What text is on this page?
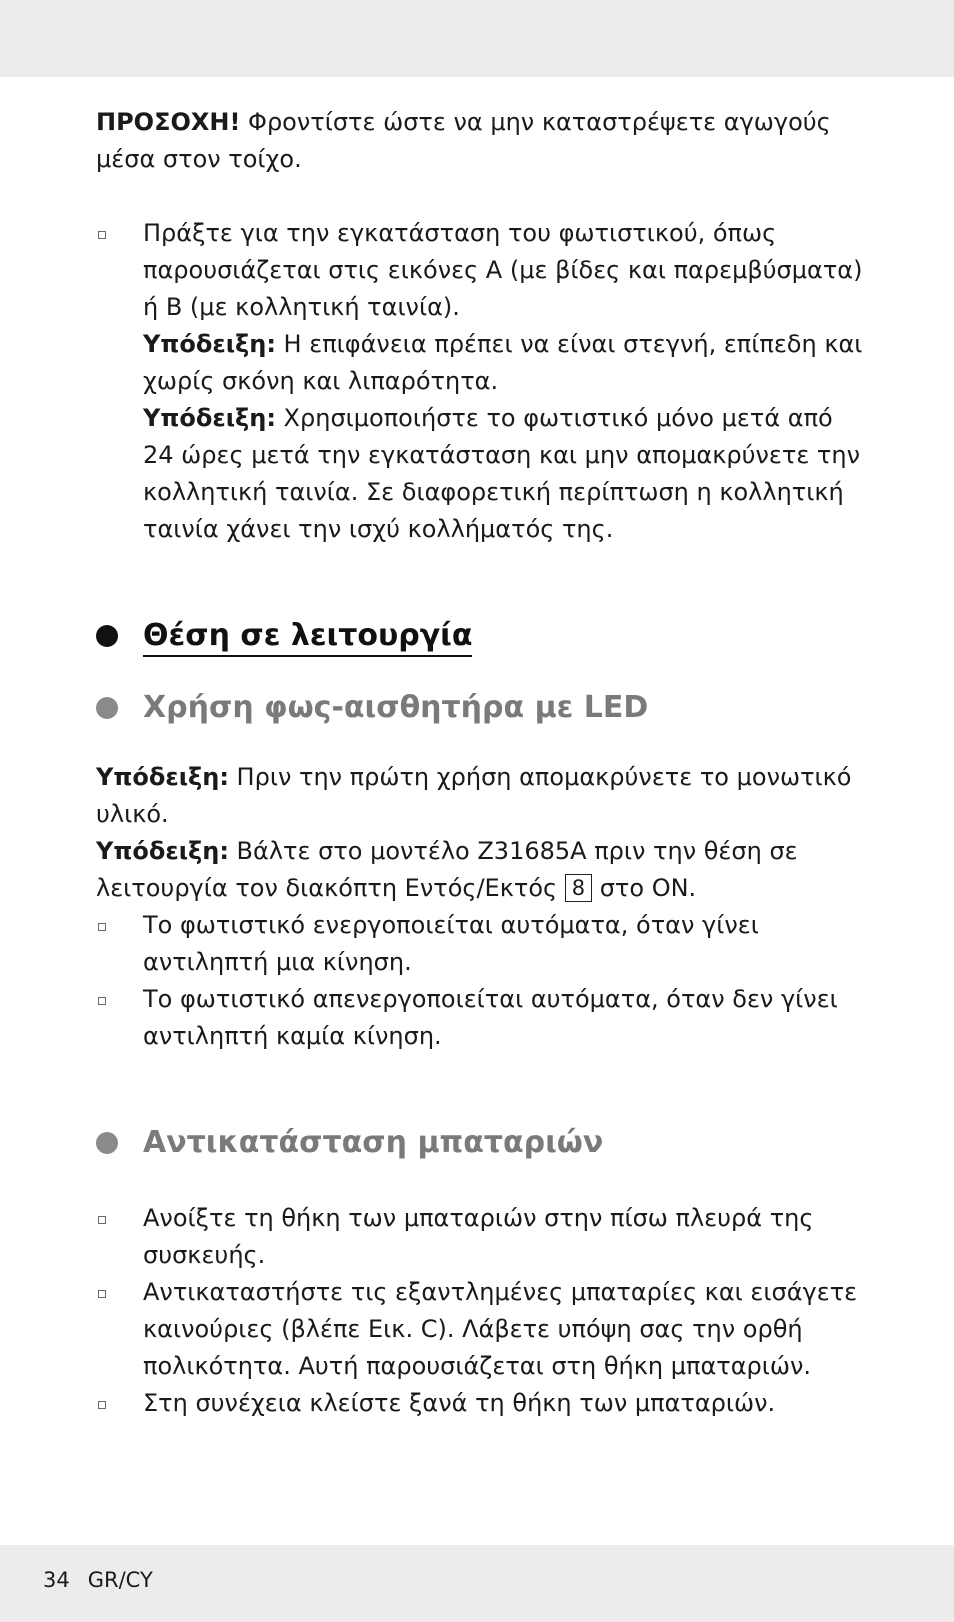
ΠΡΟΣΟΧΗ! Φροντίστε ώστε να μην καταστρέψετε αγωγούς μέσα στον τοίχο.

Πράξτε για την εγκατάσταση του φωτιστικού, όπως παρουσιάζεται στις εικόνες A (με βίδες και παρεμβύσματα) ή B (με κολλητική ταινία).

Υπόδειξη: Η επιφάνεια πρέπει να είναι στεγνή, επίπεδη και χωρίς σκόνη και λιπαρότητα.

Υπόδειξη: Χρησιμοποιήστε το φωτιστικό μόνο μετά από 24 ώρες μετά την εγκατάσταση και μην απομακρύνετε την κολλητική ταινία. Σε διαφορετική περίπτωση η κολλητική ταινία χάνει την ισχύ κολλήματός της.

Θέση σε λειτουργία
Χρήση φως-αισθητήρα με LED

Υπόδειξη: Πριν την πρώτη χρήση απομακρύνετε το μονωτικό υλικό.

Υπόδειξη: Βάλτε στο μοντέλο Z31685A πριν την θέση σε λειτουργία τον διακόπτη Εντός/Εκτός 8 στο ON.

Το φωτιστικό ενεργοποιείται αυτόματα, όταν γίνει αντιληπτή μια κίνηση.

Το φωτιστικό απενεργοποιείται αυτόματα, όταν δεν γίνει αντιληπτή καμία κίνηση.

Αντικατάσταση μπαταριών

Ανοίξτε τη θήκη των μπαταριών στην πίσω πλευρά της συσκευής.

Αντικαταστήστε τις εξαντλημένες μπαταρίες και εισάγετε καινούριες (βλέπε Εικ. C). Λάβετε υπόψη σας την ορθή πολικότητα. Αυτή παρουσιάζεται στη θήκη μπαταριών.

Στη συνέχεια κλείστε ξανά τη θήκη των μπαταριών.

34 GR/CY
